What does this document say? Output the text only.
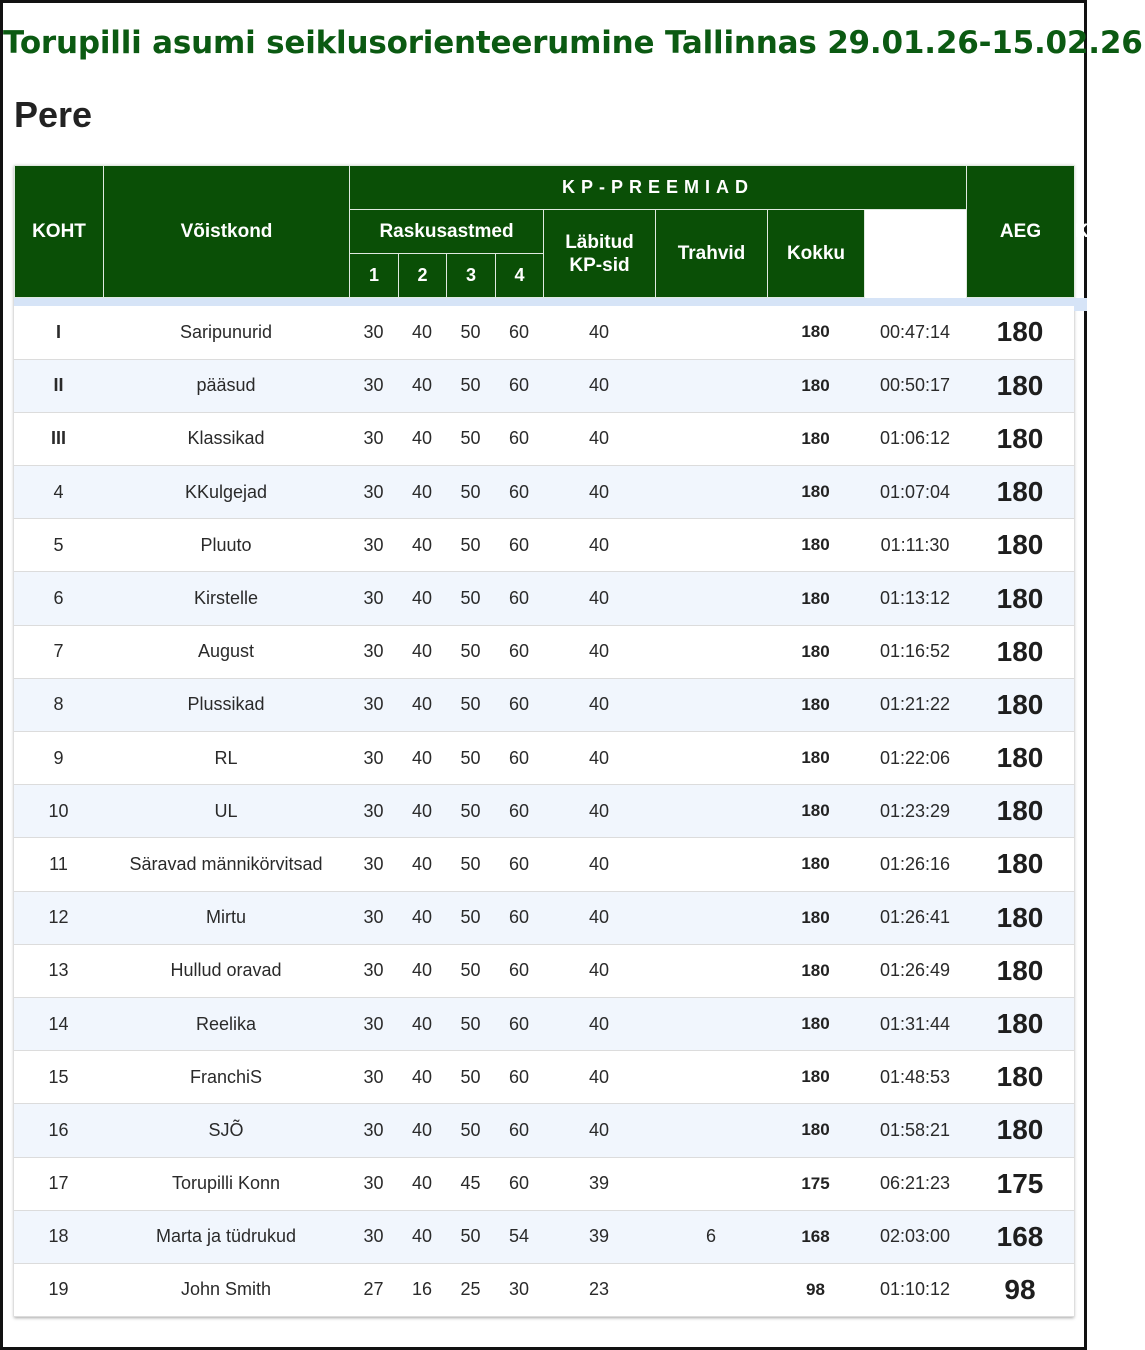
Torupilli asumi seiklusorienteerumine Tallinnas 29.01.26-15.02.26
Pere
KOHT	Võistkond	KP-PREEMIAD							AEG	KOKKU
		Raskusastmed				Läbitud KP-sid	Trahvid	Kokku		
		1	2	3	4					
I	Saripunurid	30	40	50	60	40		180	00:47:14	180
II	pääsud	30	40	50	60	40		180	00:50:17	180
III	Klassikad	30	40	50	60	40		180	01:06:12	180
4	KKulgejad	30	40	50	60	40		180	01:07:04	180
5	Pluuto	30	40	50	60	40		180	01:11:30	180
6	Kirstelle	30	40	50	60	40		180	01:13:12	180
7	August	30	40	50	60	40		180	01:16:52	180
8	Plussikad	30	40	50	60	40		180	01:21:22	180
9	RL	30	40	50	60	40		180	01:22:06	180
10	UL	30	40	50	60	40		180	01:23:29	180
11	Säravad männikörvitsad	30	40	50	60	40		180	01:26:16	180
12	Mirtu	30	40	50	60	40		180	01:26:41	180
13	Hullud oravad	30	40	50	60	40		180	01:26:49	180
14	Reelika	30	40	50	60	40		180	01:31:44	180
15	FranchiS	30	40	50	60	40		180	01:48:53	180
16	SJÕ	30	40	50	60	40		180	01:58:21	180
17	Torupilli Konn	30	40	45	60	39		175	06:21:23	175
18	Marta ja tüdrukud	30	40	50	54	39	6	168	02:03:00	168
19	John Smith	27	16	25	30	23		98	01:10:12	98
